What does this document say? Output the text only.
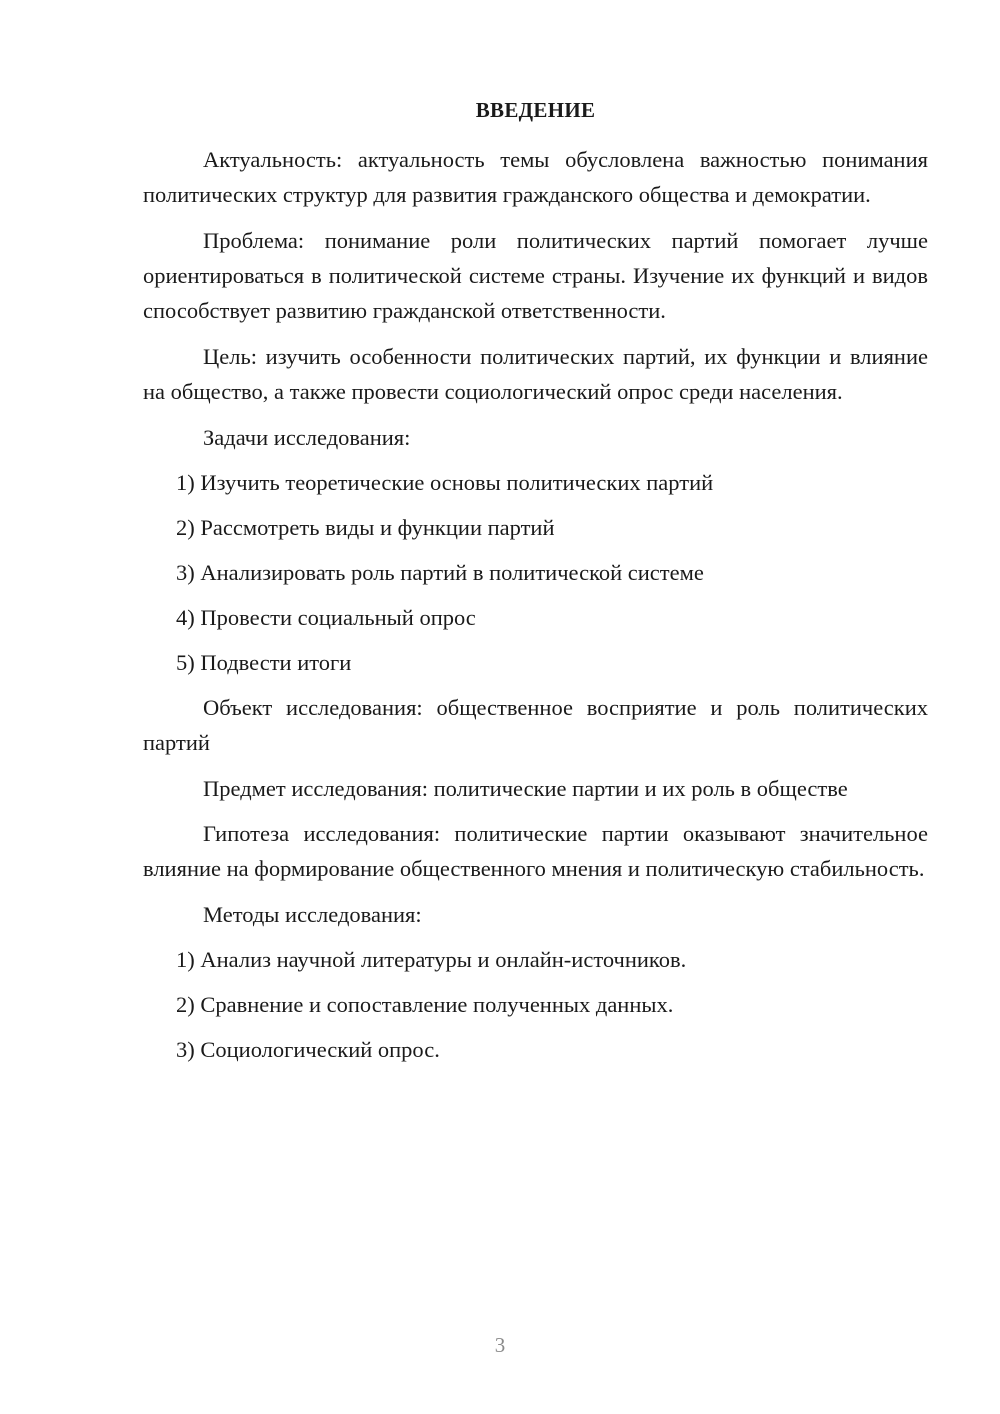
ВВЕДЕНИЕ

Актуальность: актуальность темы обусловлена важностью понимания политических структур для развития гражданского общества и демократии.

Проблема: понимание роли политических партий помогает лучше ориентироваться в политической системе страны. Изучение их функций и видов способствует развитию гражданской ответственности.

Цель: изучить особенности политических партий, их функции и влияние на общество, а также провести социологический опрос среди населения.

Задачи исследования:

1) Изучить теоретические основы политических партий
2) Рассмотреть виды и функции партий
3) Анализировать роль партий в политической системе
4) Провести социальный опрос
5) Подвести итоги

Объект исследования: общественное восприятие и роль политических партий

Предмет исследования: политические партии и их роль в обществе

Гипотеза исследования: политические партии оказывают значительное влияние на формирование общественного мнения и политическую стабильность.

Методы исследования:

1) Анализ научной литературы и онлайн-источников.
2) Сравнение и сопоставление полученных данных.
3) Социологический опрос.
3
